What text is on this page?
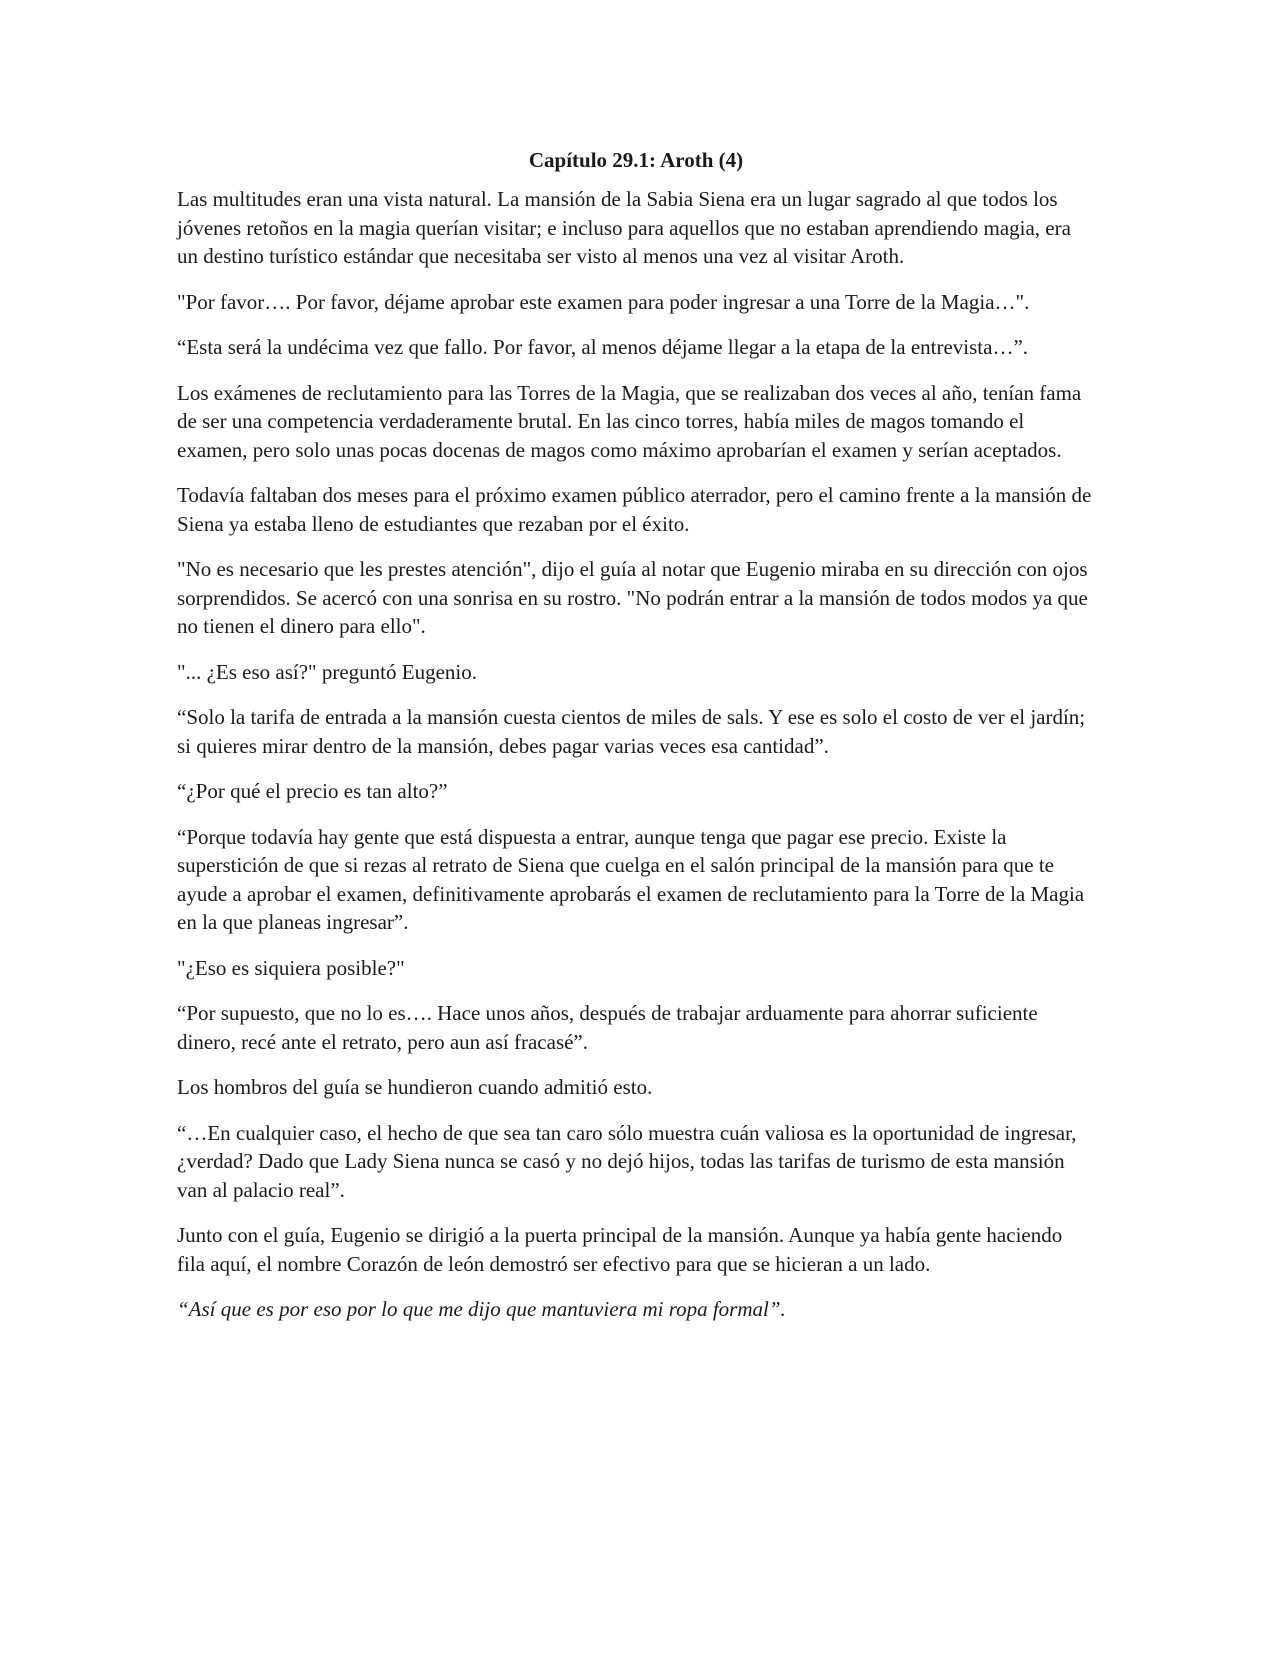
Capítulo 29.1: Aroth (4)

Las multitudes eran una vista natural. La mansión de la Sabia Siena era un lugar sagrado al que todos los jóvenes retoños en la magia querían visitar; e incluso para aquellos que no estaban aprendiendo magia, era un destino turístico estándar que necesitaba ser visto al menos una vez al visitar Aroth.

"Por favor…. Por favor, déjame aprobar este examen para poder ingresar a una Torre de la Magia…".

“Esta será la undécima vez que fallo. Por favor, al menos déjame llegar a la etapa de la entrevista…”.

Los exámenes de reclutamiento para las Torres de la Magia, que se realizaban dos veces al año, tenían fama de ser una competencia verdaderamente brutal. En las cinco torres, había miles de magos tomando el examen, pero solo unas pocas docenas de magos como máximo aprobarían el examen y serían aceptados.

Todavía faltaban dos meses para el próximo examen público aterrador, pero el camino frente a la mansión de Siena ya estaba lleno de estudiantes que rezaban por el éxito.

"No es necesario que les prestes atención", dijo el guía al notar que Eugenio miraba en su dirección con ojos sorprendidos. Se acercó con una sonrisa en su rostro. "No podrán entrar a la mansión de todos modos ya que no tienen el dinero para ello".

"... ¿Es eso así?" preguntó Eugenio.

“Solo la tarifa de entrada a la mansión cuesta cientos de miles de sals. Y ese es solo el costo de ver el jardín; si quieres mirar dentro de la mansión, debes pagar varias veces esa cantidad”.

“¿Por qué el precio es tan alto?”

“Porque todavía hay gente que está dispuesta a entrar, aunque tenga que pagar ese precio. Existe la superstición de que si rezas al retrato de Siena que cuelga en el salón principal de la mansión para que te ayude a aprobar el examen, definitivamente aprobarás el examen de reclutamiento para la Torre de la Magia en la que planeas ingresar”.

"¿Eso es siquiera posible?"

“Por supuesto, que no lo es…. Hace unos años, después de trabajar arduamente para ahorrar suficiente dinero, recé ante el retrato, pero aun así fracasé”.

Los hombros del guía se hundieron cuando admitió esto.

“…En cualquier caso, el hecho de que sea tan caro sólo muestra cuán valiosa es la oportunidad de ingresar, ¿verdad? Dado que Lady Siena nunca se casó y no dejó hijos, todas las tarifas de turismo de esta mansión van al palacio real”.

Junto con el guía, Eugenio se dirigió a la puerta principal de la mansión. Aunque ya había gente haciendo fila aquí, el nombre Corazón de león demostró ser efectivo para que se hicieran a un lado.

“Así que es por eso por lo que me dijo que mantuviera mi ropa formal”.
